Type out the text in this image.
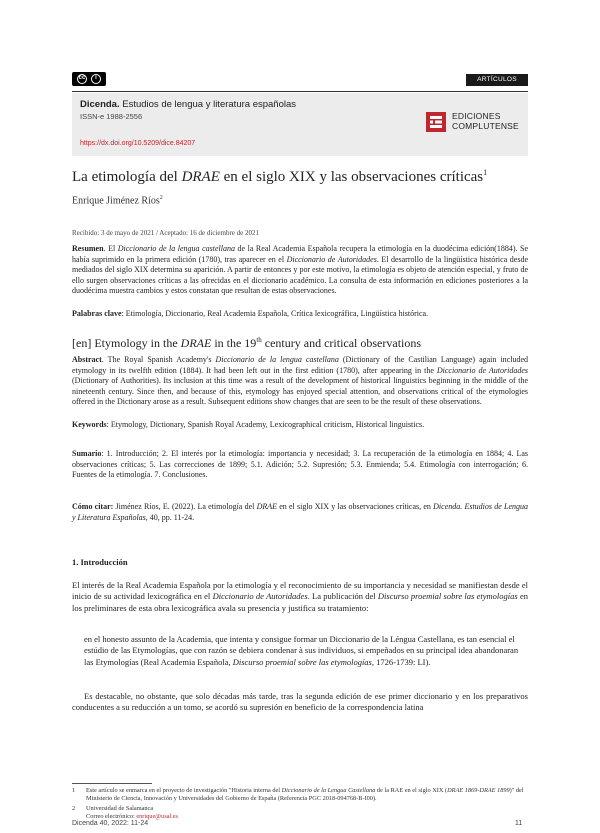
cc	i	ARTÍCULOS
Dicenda. Estudios de lengua y literatura españolas
ISSN-e 1988-2556
https://dx.doi.org/10.5209/dice.84207
EDICIONES
COMPLUTENSE
La etimología del DRAE en el siglo XIX y las observaciones críticas$^1$
Enrique Jiménez Ríos$^2$
Recibido: 3 de mayo de 2021 / Aceptado: 16 de diciembre de 2021
Resumen. El Diccionario de la lengua castellana de la Real Academia Española recupera la etimología en la duodécima edición(1884). Se había suprimido en la primera edición (1780), tras aparecer en el Diccionario de Autoridades. El desarrollo de la lingüística histórica desde mediados del siglo XIX determina su aparición. A partir de entonces y por este motivo, la etimología es objeto de atención especial, y fruto de ello surgen observaciones críticas a las ofrecidas en el diccionario académico. La consulta de esta información en ediciones posteriores a la duodécima muestra cambios y estos constatan que resultan de estas observaciones.
Palabras clave: Etimología, Diccionario, Real Academia Española, Crítica lexicográfica, Lingüística histórica.
[en] Etymology in the DRAE in the 19th century and critical observations
Abstract. The Royal Spanish Academy's Diccionario de la lengua castellana (Dictionary of the Castilian Language) again included etymology in its twelfth edition (1884). It had been left out in the first edition (1780), after appearing in the Diccionario de Autoridades (Dictionary of Authorities). Its inclusion at this time was a result of the development of historical linguistics beginning in the middle of the nineteenth century. Since then, and because of this, etymology has enjoyed special attention, and observations critical of the etymologies offered in the Dictionary arose as a result. Subsequent editions show changes that are seen to be the result of these observations.
Keywords: Etymology, Dictionary, Spanish Royal Academy, Lexicographical criticism, Historical linguistics.
Sumario: 1. Introducción; 2. El interés por la etimología: importancia y necesidad; 3. La recuperación de la etimología en 1884; 4. Las observaciones críticas; 5. Las correcciones de 1899; 5.1. Adición; 5.2. Supresión; 5.3. Enmienda; 5.4. Etimología con interrogación; 6. Fuentes de la etimología. 7. Conclusiones.
Cómo citar: Jiménez Ríos, E. (2022). La etimología del DRAE en el siglo XIX y las observaciones críticas, en Dicenda. Estudios de Lengua y Literatura Españolas, 40, pp. 11-24.
1. Introducción
El interés de la Real Academia Española por la etimología y el reconocimiento de su importancia y necesidad se manifiestan desde el inicio de su actividad lexicográfica en el Diccionario de Autoridades. La publicación del Discurso proemial sobre las etymologías en los preliminares de esta obra lexicográfica avala su presencia y justifica su tratamiento:
en el honesto assunto de la Academia, que intenta y consigue formar un Diccionario de la Léngua Castellana, es tan esencial el estúdio de las Etymologías, que con razón se debiera condenar à sus individuos, si empeñados en su principal idea abandonaran las Etymologías (Real Academia Española, Discurso proemial sobre las etymologías, 1726-1739: LI).
Es destacable, no obstante, que solo décadas más tarde, tras la segunda edición de ese primer diccionario y en los preparativos conducentes a su reducción a un tomo, se acordó su supresión en beneficio de la correspondencia latina
1 Este artículo se enmarca en el proyecto de investigación "Historia interna del Diccionario de la Lengua Castellana de la RAE en el siglo XIX (DRAE 1869-DRAE 1899)" del Ministerio de Ciencia, Innovación y Universidades del Gobierno de España (Referencia PGC 2018-094768-B-I00).
2 Universidad de Salamanca
Correo electrónico: enrique@usal.es
Dicenda 40, 2022: 11-24	11
